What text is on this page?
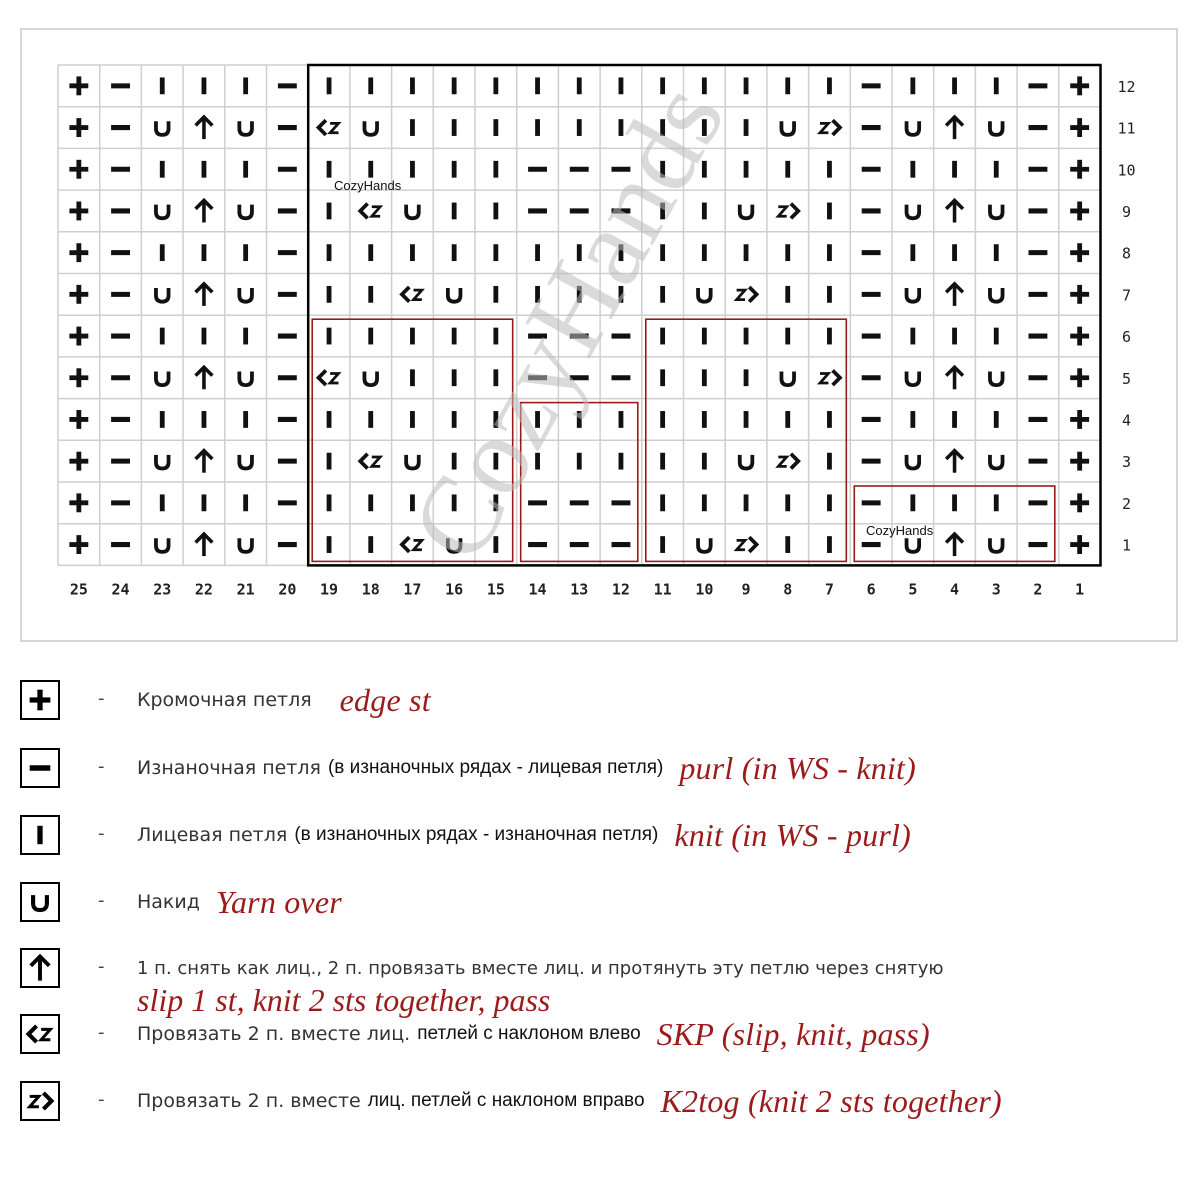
12
11
10
9
8
7
6
5
4
3
2
1
25 24 23 22 21 20 19 18 17 16 15 14 13 12 11 10 9 8 7 6 5 4 3 2 1
CozyHands
CozyHands
CozyHands
- Кромочная петля edge st
- Изнаночная петля (в изнаночных рядах - лицевая петля) purl (in WS - knit)
- Лицевая петля (в изнаночных рядах - изнаночная петля) knit (in WS - purl)
- Накид Yarn over
- 1 п. снять как лиц., 2 п. провязать вместе лиц. и протянуть эту петлю через снятую
slip 1 st, knit 2 sts together, pass
- Провязать 2 п. вместе лиц. петлей с наклоном влево SKP (slip, knit, pass)
- Провязать 2 п. вместе лиц. петлей с наклоном вправо K2tog (knit 2 sts together)
